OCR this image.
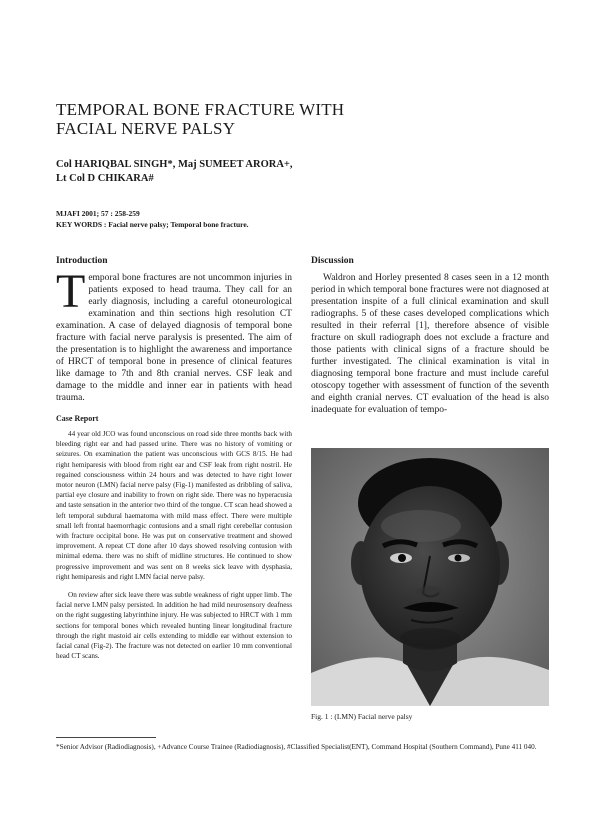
TEMPORAL BONE FRACTURE WITH
FACIAL NERVE PALSY
Col HARIQBAL SINGH*, Maj SUMEET ARORA+,
Lt Col D CHIKARA#
MJAFI 2001; 57 : 258-259
KEY WORDS : Facial nerve palsy; Temporal bone fracture.
Introduction

Temporal bone fractures are not uncommon injuries in patients exposed to head trauma. They call for an early diagnosis, including a careful otoneurological examination and thin sections high resolution CT examination. A case of delayed diagnosis of temporal bone fracture with facial nerve paralysis is presented. The aim of the presentation is to highlight the awareness and importance of HRCT of temporal bone in presence of clinical features like damage to 7th and 8th cranial nerves. CSF leak and damage to the middle and inner ear in patients with head trauma.

Case Report

44 year old JCO was found unconscious on road side three months back with bleeding right ear and had passed urine. There was no history of vomiting or seizures. On examination the patient was unconscious with GCS 8/15. He had right hemiparesis with blood from right ear and CSF leak from right nostril. He regained consciousness within 24 hours and was detected to have right lower motor neuron (LMN) facial nerve palsy (Fig-1) manifested as dribbling of saliva, partial eye closure and inability to frown on right side. There was no hyperacusia and taste sensation in the anterior two third of the tongue. CT scan head showed a left temporal subdural haematoma with mild mass effect. There were multiple small left frontal haemorrhagic contusions and a small right cerebellar contusion with fracture occipital bone. He was put on conservative treatment and showed improvement. A repeat CT done after 10 days showed resolving contusion with minimal edema. there was no shift of midline structures. He continued to show progressive improvement and was sent on 8 weeks sick leave with dysphasia, right hemiparesis and right LMN facial nerve palsy.

On review after sick leave there was subtle weakness of right upper limb. The facial nerve LMN palsy persisted. In addition he had mild neurosensory deafness on the right suggesting labyrinthine injury. He was subjected to HRCT with 1 mm sections for temporal bones which revealed hunting linear longitudinal fracture through the right mastoid air cells extending to middle ear without extension to facial canal (Fig-2). The fracture was not detected on earlier 10 mm conventional head CT scans.

Discussion

Waldron and Horley presented 8 cases seen in a 12 month period in which temporal bone fractures were not diagnosed at presentation inspite of a full clinical examination and skull radiographs. 5 of these cases developed complications which resulted in their referral [1], therefore absence of visible fracture on skull radiograph does not exclude a fracture and those patients with clinical signs of a fracture should be further investigated. The clinical examination is vital in diagnosing temporal bone fracture and must include careful otoscopy together with assessment of function of the seventh and eighth cranial nerves. CT evaluation of the head is also inadequate for evaluation of tempo-

Fig. 1 : (LMN) Facial nerve palsy
*Senior Advisor (Radiodiagnosis), +Advance Course Trainee (Radiodiagnosis), #Classified Specialist(ENT), Command Hospital (Southern Command), Pune 411 040.
